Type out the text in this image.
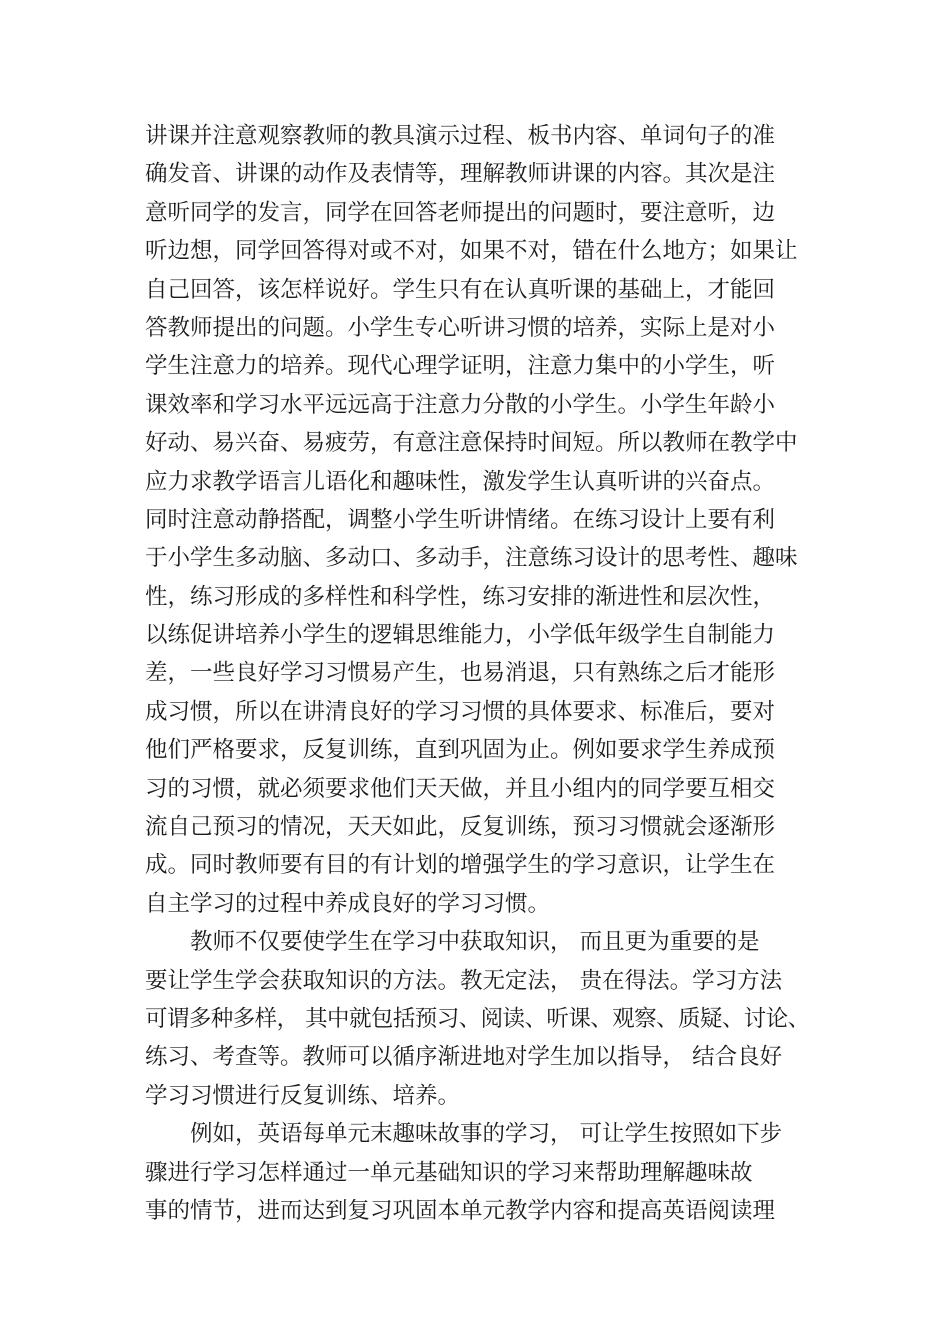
讲课并注意观察教师的教具演示过程、板书内容、单词句子的准
确发音、讲课的动作及表情等，理解教师讲课的内容。其次是注
意听同学的发言，同学在回答老师提出的问题时，要注意听，边
听边想，同学回答得对或不对，如果不对，错在什么地方；如果让
自己回答，该怎样说好。学生只有在认真听课的基础上，才能回
答教师提出的问题。小学生专心听讲习惯的培养，实际上是对小
学生注意力的培养。现代心理学证明，注意力集中的小学生，听
课效率和学习水平远远高于注意力分散的小学生。小学生年龄小
好动、易兴奋、易疲劳，有意注意保持时间短。所以教师在教学中
应力求教学语言儿语化和趣味性，激发学生认真听讲的兴奋点。
同时注意动静搭配，调整小学生听讲情绪。在练习设计上要有利
于小学生多动脑、多动口、多动手，注意练习设计的思考性、趣味
性，练习形成的多样性和科学性，练习安排的渐进性和层次性，
以练促讲培养小学生的逻辑思维能力，小学低年级学生自制能力
差，一些良好学习习惯易产生，也易消退，只有熟练之后才能形
成习惯，所以在讲清良好的学习习惯的具体要求、标准后，要对
他们严格要求，反复训练，直到巩固为止。例如要求学生养成预
习的习惯，就必须要求他们天天做，并且小组内的同学要互相交
流自己预习的情况，天天如此，反复训练，预习习惯就会逐渐形
成。同时教师要有目的有计划的增强学生的学习意识，让学生在
自主学习的过程中养成良好的学习习惯。
教师不仅要使学生在学习中获取知识， 而且更为重要的是
要让学生学会获取知识的方法。教无定法， 贵在得法。学习方法
可谓多种多样， 其中就包括预习、阅读、听课、观察、质疑、讨论、
练习、考查等。教师可以循序渐进地对学生加以指导， 结合良好
学习习惯进行反复训练、培养。
例如，英语每单元末趣味故事的学习， 可让学生按照如下步
骤进行学习怎样通过一单元基础知识的学习来帮助理解趣味故
事的情节，进而达到复习巩固本单元教学内容和提高英语阅读理
